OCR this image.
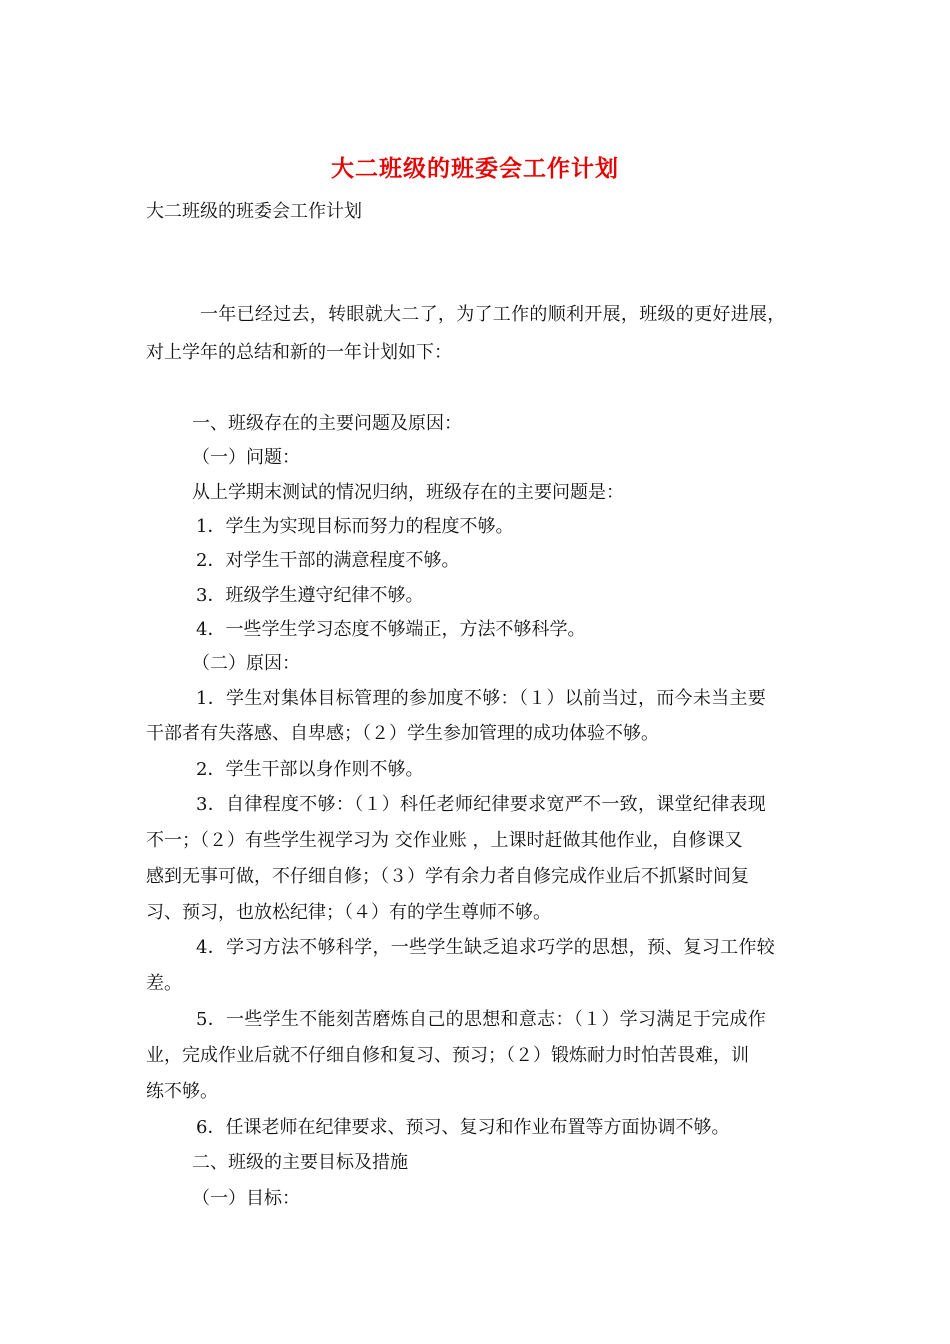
大二班级的班委会工作计划
大二班级的班委会工作计划
一年已经过去，转眼就大二了，为了工作的顺利开展，班级的更好进展，
对上学年的总结和新的一年计划如下：
一、班级存在的主要问题及原因：
（一）问题：
从上学期末测试的情况归纳，班级存在的主要问题是：
1．学生为实现目标而努力的程度不够。
2．对学生干部的满意程度不够。
3．班级学生遵守纪律不够。
4．一些学生学习态度不够端正，方法不够科学。
（二）原因：
1．学生对集体目标管理的参加度不够：（１）以前当过，而今未当主要
干部者有失落感、自卑感；（２）学生参加管理的成功体验不够。
2．学生干部以身作则不够。
3．自律程度不够：（１）科任老师纪律要求宽严不一致，课堂纪律表现
不一；（２）有些学生视学习为 交作业账 ，上课时赶做其他作业，自修课又
感到无事可做，不仔细自修；（３）学有余力者自修完成作业后不抓紧时间复
习、预习，也放松纪律；（４）有的学生尊师不够。
4．学习方法不够科学，一些学生缺乏追求巧学的思想，预、复习工作较
差。
5．一些学生不能刻苦磨炼自己的思想和意志：（１）学习满足于完成作
业，完成作业后就不仔细自修和复习、预习；（２）锻炼耐力时怕苦畏难，训
练不够。
6．任课老师在纪律要求、预习、复习和作业布置等方面协调不够。
二、班级的主要目标及措施
（一）目标：
